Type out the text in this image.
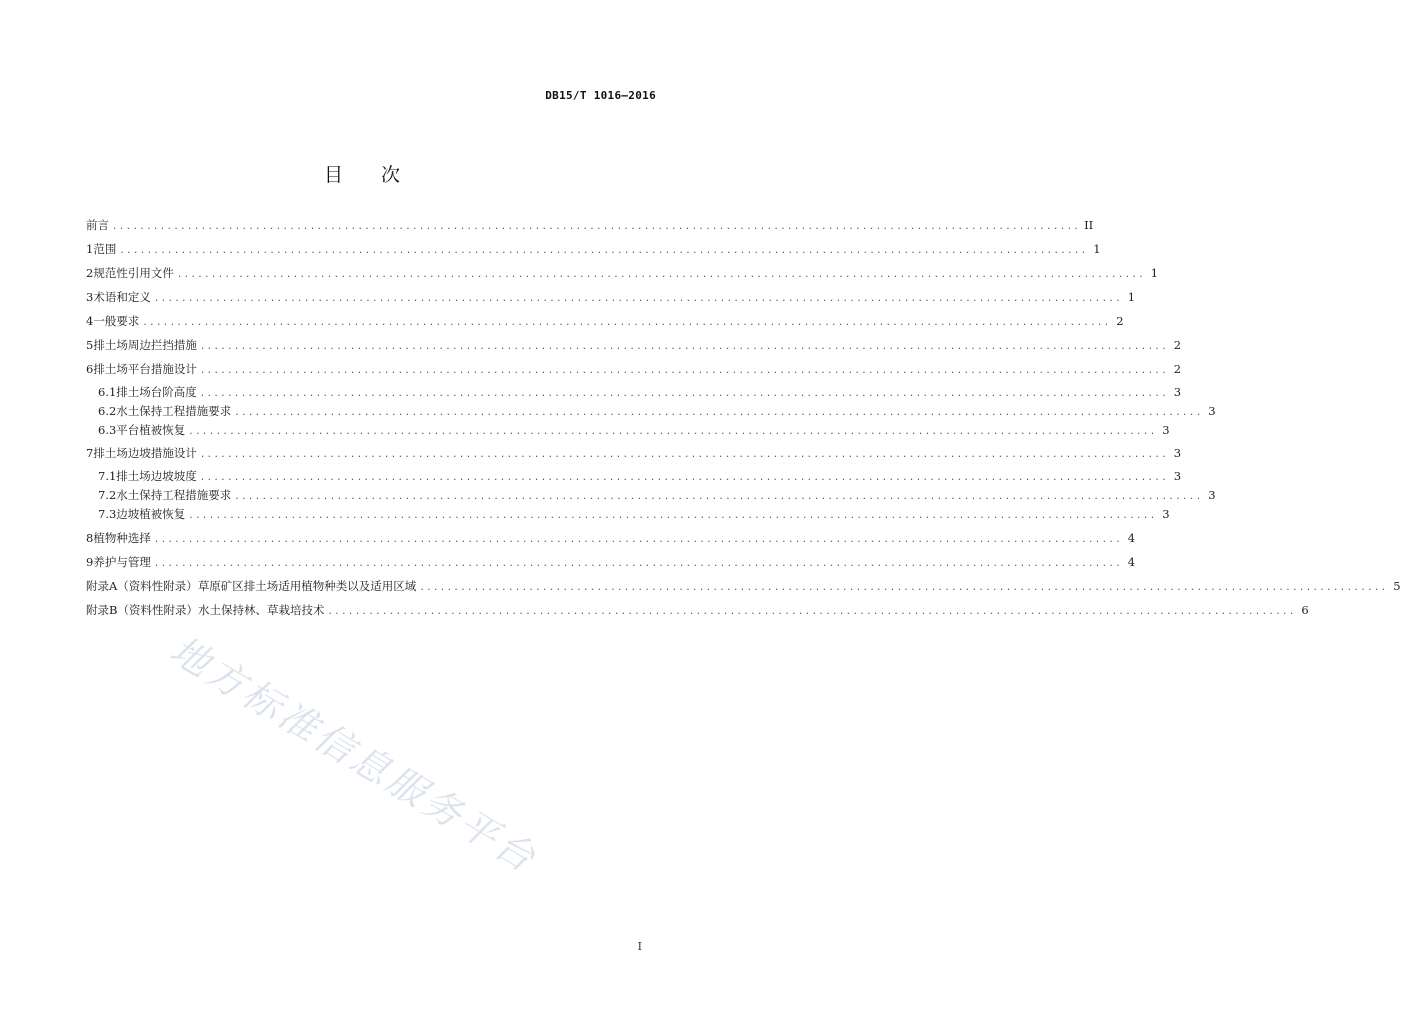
DB15/T 1016—2016
目次
前言 .............................................................................................................................................. II
1 范围 .............................................................................................................................................. 1
2 规范性引用文件 .............................................................................................................................................. 1
3 术语和定义 .............................................................................................................................................. 1
4 一般要求 .............................................................................................................................................. 2
5 排土场周边拦挡措施 .............................................................................................................................................. 2
6 排土场平台措施设计 .............................................................................................................................................. 2
6.1 排土场台阶高度 .............................................................................................................................................. 3
6.2 水土保持工程措施要求 .............................................................................................................................................. 3
6.3 平台植被恢复 .............................................................................................................................................. 3
7 排土场边坡措施设计 .............................................................................................................................................. 3
7.1 排土场边坡坡度 .............................................................................................................................................. 3
7.2 水土保持工程措施要求 .............................................................................................................................................. 3
7.3 边坡植被恢复 .............................................................................................................................................. 3
8 植物种选择 .............................................................................................................................................. 4
9 养护与管理 .............................................................................................................................................. 4
附录A（资料性附录） 草原矿区排土场适用植物种类以及适用区域 .............................................................................................................................................. 5
附录B（资料性附录） 水土保持林、草栽培技术 .............................................................................................................................................. 6
地方标准信息服务平台
I
